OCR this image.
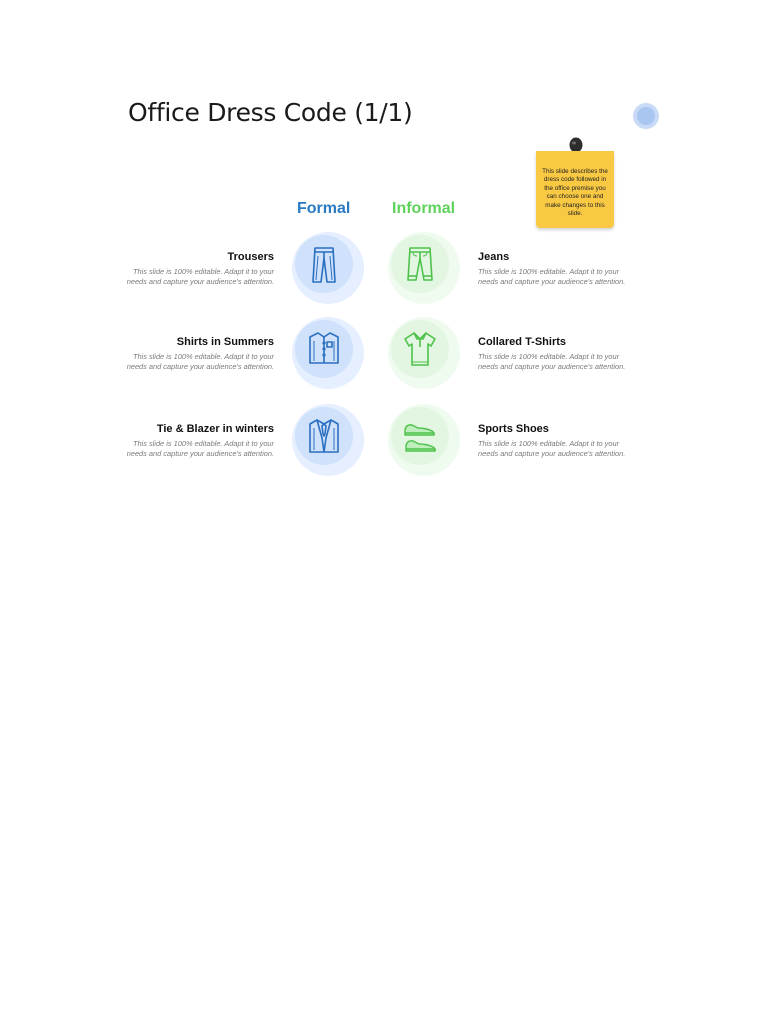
Office Dress Code (1/1)
This slide describes the dress code followed in the office premise you can choose one and make changes to this slide.
Formal	Informal
Trousers
This slide is 100% editable. Adapt it to your
needs and capture your audience's attention.
Jeans
This slide is 100% editable. Adapt it to your
needs and capture your audience's attention.
Shirts in Summers
This slide is 100% editable. Adapt it to your
needs and capture your audience's attention.
Collared T-Shirts
This slide is 100% editable. Adapt it to your
needs and capture your audience's attention.
Tie & Blazer in winters
This slide is 100% editable. Adapt it to your
needs and capture your audience's attention.
Sports Shoes
This slide is 100% editable. Adapt it to your
needs and capture your audience's attention.
